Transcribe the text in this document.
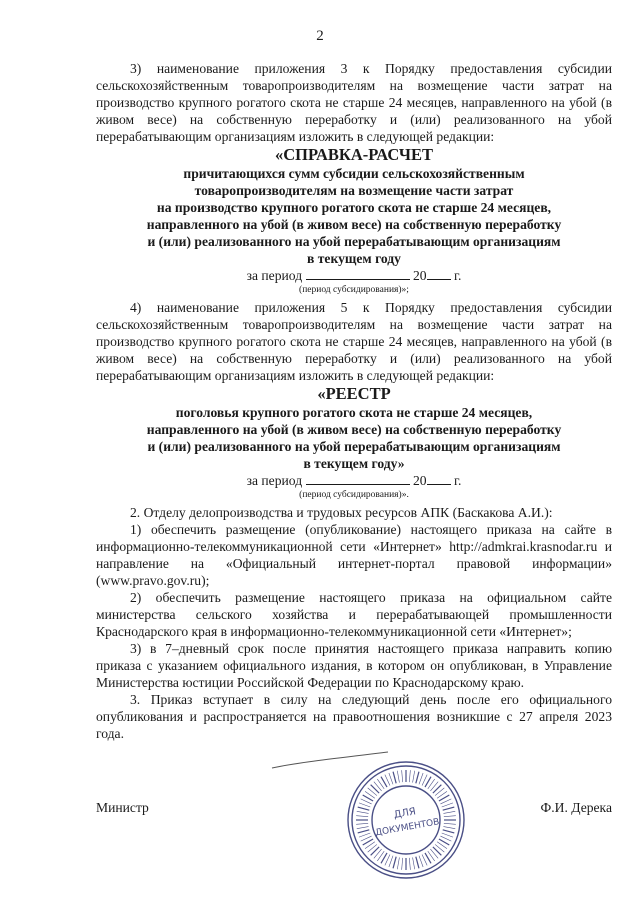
2

3) наименование приложения 3 к Порядку предоставления субсидии сельскохозяйственным товаропроизводителям на возмещение части затрат на производство крупного рогатого скота не старше 24 месяцев, направленного на убой (в живом весе) на собственную переработку и (или) реализованного на убой перерабатывающим организациям изложить в следующей редакции:

«СПРАВКА-РАСЧЕТ

причитающихся сумм субсидии сельскохозяйственным

товаропроизводителям на возмещение части затрат

на производство крупного рогатого скота не старше 24 месяцев,

направленного на убой (в живом весе) на собственную переработку

и (или) реализованного на убой перерабатывающим организациям

в текущем году

за период	20 г.

(период субсидирования)»;

4) наименование приложения 5 к Порядку предоставления субсидии сельскохозяйственным товаропроизводителям на возмещение части затрат на производство крупного рогатого скота не старше 24 месяцев, направленного на убой (в живом весе) на собственную переработку и (или) реализованного на убой перерабатывающим организациям изложить в следующей редакции:

«РЕЕСТР

поголовья крупного рогатого скота не старше 24 месяцев,

направленного на убой (в живом весе) на собственную переработку

и (или) реализованного на убой перерабатывающим организациям

в текущем году»

за период	20 г.

(период субсидирования)».

2. Отделу делопроизводства и трудовых ресурсов АПК (Баскакова А.И.):

1) обеспечить размещение (опубликование) настоящего приказа на сайте в информационно-телекоммуникационной сети «Интернет» http://admkrai.krasnodar.ru и направление на «Официальный интернет-портал правовой информации» (www.pravo.gov.ru);

2) обеспечить размещение настоящего приказа на официальном сайте министерства сельского хозяйства и перерабатывающей промышленности Краснодарского края в информационно-телекоммуникационной сети «Интернет»;

3) в 7–дневный срок после принятия настоящего приказа направить копию приказа с указанием официального издания, в котором он опубликован, в Управление Министерства юстиции Российской Федерации по Краснодарскому краю.

3. Приказ вступает в силу на следующий день после его официального опубликования и распространяется на правоотношения возникшие с 27 апреля 2023 года.

Министр	Ф.И. Дерека
ДЛЯ
ДОКУМЕНТОВ
